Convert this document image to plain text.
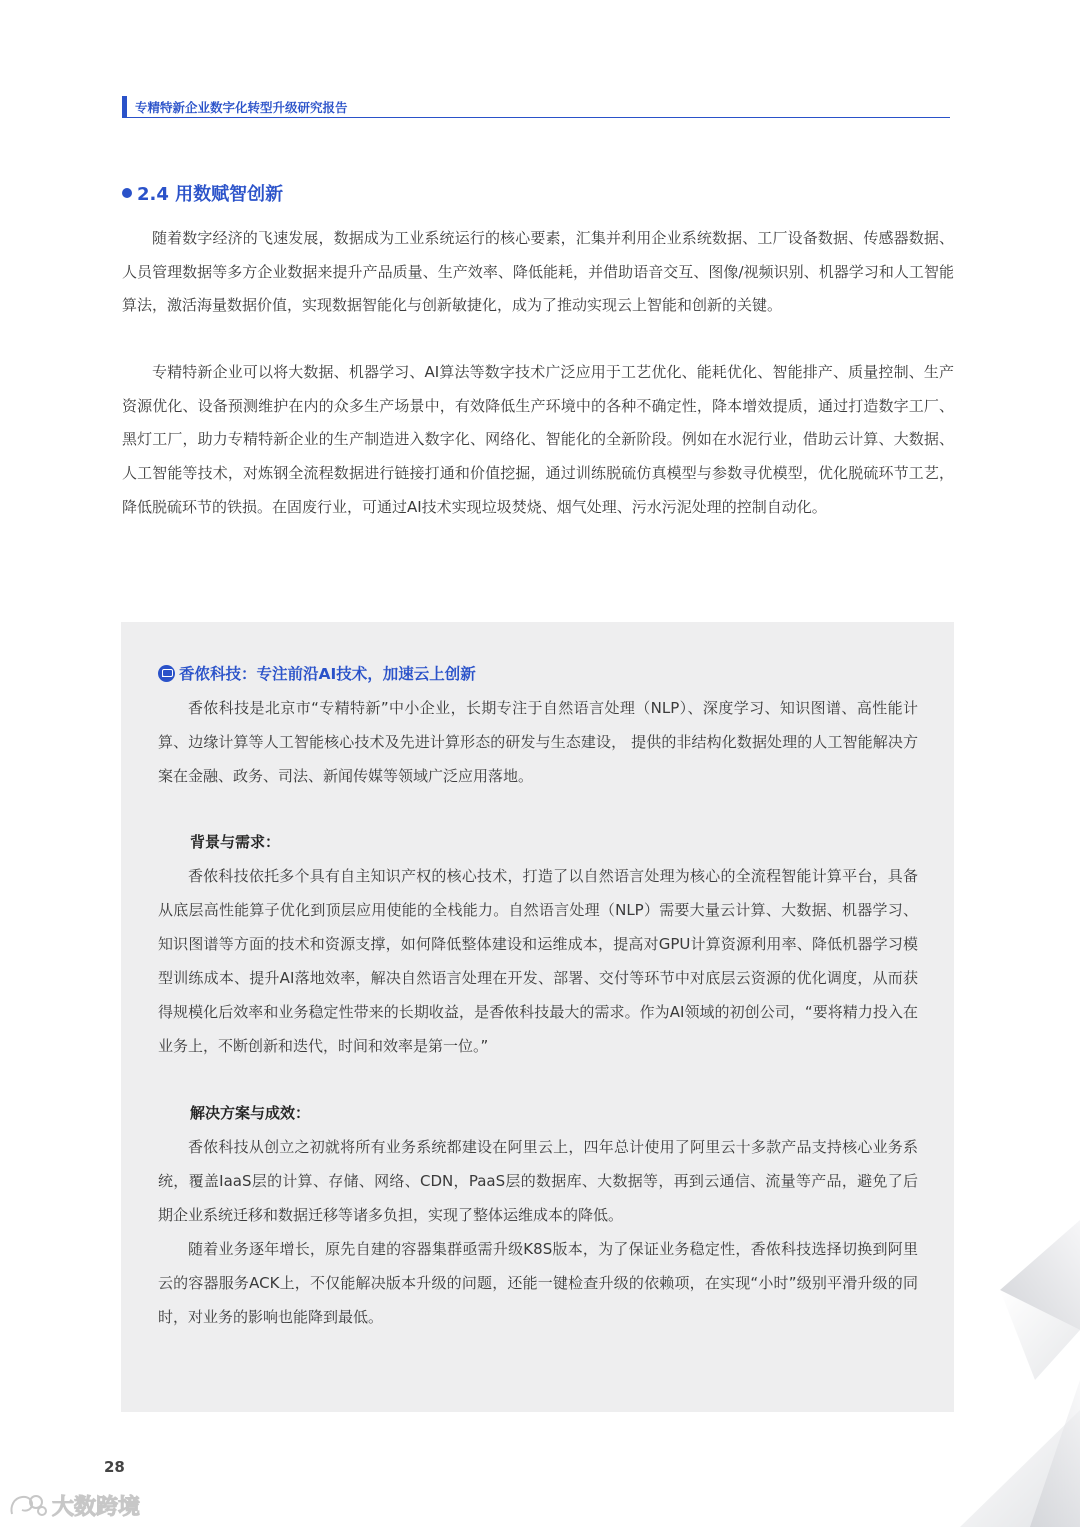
专精特新企业数字化转型升级研究报告
2.4 用数赋智创新

随着数字经济的飞速发展，数据成为工业系统运行的核心要素，汇集并利用企业系统数据、工厂设备数据、传感器数据、人员管理数据等多方企业数据来提升产品质量、生产效率、降低能耗，并借助语音交互、图像/视频识别、机器学习和人工智能算法，激活海量数据价值，实现数据智能化与创新敏捷化，成为了推动实现云上智能和创新的关键。

专精特新企业可以将大数据、机器学习、AI算法等数字技术广泛应用于工艺优化、能耗优化、智能排产、质量控制、生产资源优化、设备预测维护在内的众多生产场景中，有效降低生产环境中的各种不确定性，降本增效提质，通过打造数字工厂、黑灯工厂，助力专精特新企业的生产制造进入数字化、网络化、智能化的全新阶段。例如在水泥行业，借助云计算、大数据、人工智能等技术，对炼钢全流程数据进行链接打通和价值挖掘，通过训练脱硫仿真模型与参数寻优模型，优化脱硫环节工艺，降低脱硫环节的铁损。在固废行业，可通过AI技术实现垃圾焚烧、烟气处理、污水污泥处理的控制自动化。

香侬科技：专注前沿AI技术，加速云上创新

香侬科技是北京市“专精特新”中小企业，长期专注于自然语言处理（NLP）、深度学习、知识图谱、高性能计算、边缘计算等人工智能核心技术及先进计算形态的研发与生态建设， 提供的非结构化数据处理的人工智能解决方案在金融、政务、司法、新闻传媒等领域广泛应用落地。

背景与需求：

香侬科技依托多个具有自主知识产权的核心技术，打造了以自然语言处理为核心的全流程智能计算平台，具备从底层高性能算子优化到顶层应用使能的全栈能力。自然语言处理（NLP）需要大量云计算、大数据、机器学习、知识图谱等方面的技术和资源支撑，如何降低整体建设和运维成本，提高对GPU计算资源利用率、降低机器学习模型训练成本、提升AI落地效率，解决自然语言处理在开发、部署、交付等环节中对底层云资源的优化调度，从而获得规模化后效率和业务稳定性带来的长期收益，是香侬科技最大的需求。作为AI领域的初创公司，“要将精力投入在业务上，不断创新和迭代，时间和效率是第一位。”

解决方案与成效：

香侬科技从创立之初就将所有业务系统都建设在阿里云上，四年总计使用了阿里云十多款产品支持核心业务系统，覆盖IaaS层的计算、存储、网络、CDN，PaaS层的数据库、大数据等，再到云通信、流量等产品，避免了后期企业系统迁移和数据迁移等诸多负担，实现了整体运维成本的降低。

随着业务逐年增长，原先自建的容器集群亟需升级K8S版本，为了保证业务稳定性，香侬科技选择切换到阿里云的容器服务ACK上，不仅能解决版本升级的问题，还能一键检查升级的依赖项，在实现“小时”级别平滑升级的同时，对业务的影响也能降到最低。

28
大数跨境
